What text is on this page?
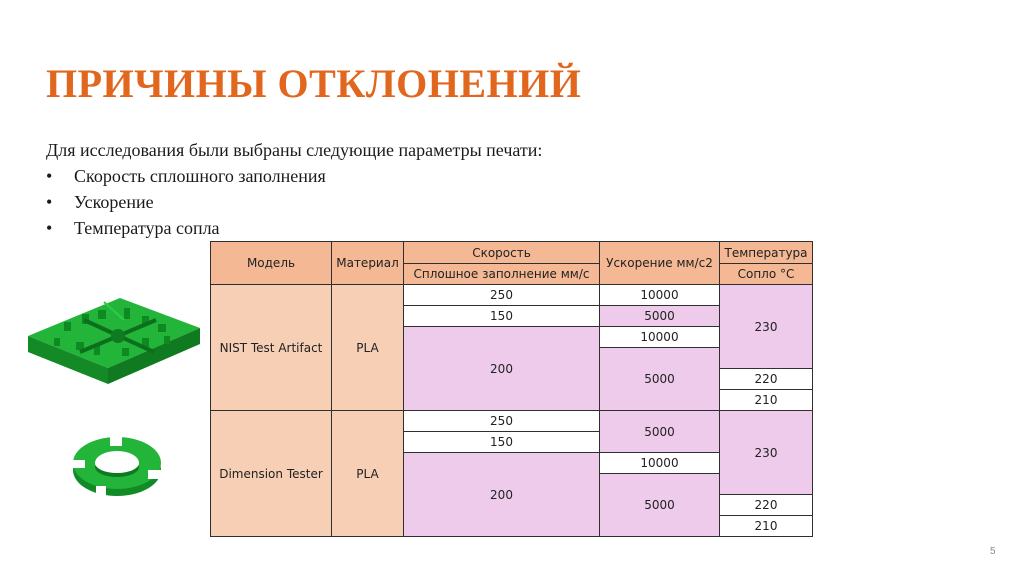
ПРИЧИНЫ ОТКЛОНЕНИЙ
Для исследования были выбраны следующие параметры печати:
•	Скорость сплошного заполнения
•	Ускорение
•	Температура сопла
Модель	Материал	Скорость	Ускорение мм/с2	Температура
		Сплошное заполнение мм/с		Сопло °C
NIST Test Artifact	PLA	250	10000	230
		150	5000	
		200	10000	
			5000	
				220
				210
Dimension Tester	PLA	250	5000	230
		150		
		200	10000	
			5000	
				220
				210
5
